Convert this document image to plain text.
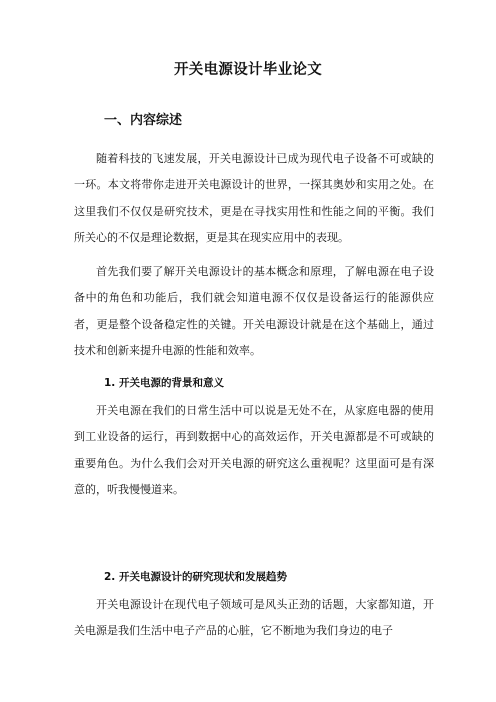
开关电源设计毕业论文
一、内容综述

随着科技的飞速发展，开关电源设计已成为现代电子设备不可或缺的一环。本文将带你走进开关电源设计的世界，一探其奥妙和实用之处。在这里我们不仅仅是研究技术，更是在寻找实用性和性能之间的平衡。我们所关心的不仅是理论数据，更是其在现实应用中的表现。

首先我们要了解开关电源设计的基本概念和原理，了解电源在电子设备中的角色和功能后，我们就会知道电源不仅仅是设备运行的能源供应者，更是整个设备稳定性的关键。开关电源设计就是在这个基础上，通过技术和创新来提升电源的性能和效率。

1. 开关电源的背景和意义

开关电源在我们的日常生活中可以说是无处不在，从家庭电器的使用到工业设备的运行，再到数据中心的高效运作，开关电源都是不可或缺的重要角色。为什么我们会对开关电源的研究这么重视呢？这里面可是有深意的，听我慢慢道来。

2. 开关电源设计的研究现状和发展趋势

开关电源设计在现代电子领域可是风头正劲的话题，大家都知道，开关电源是我们生活中电子产品的心脏，它不断地为我们身边的电子
